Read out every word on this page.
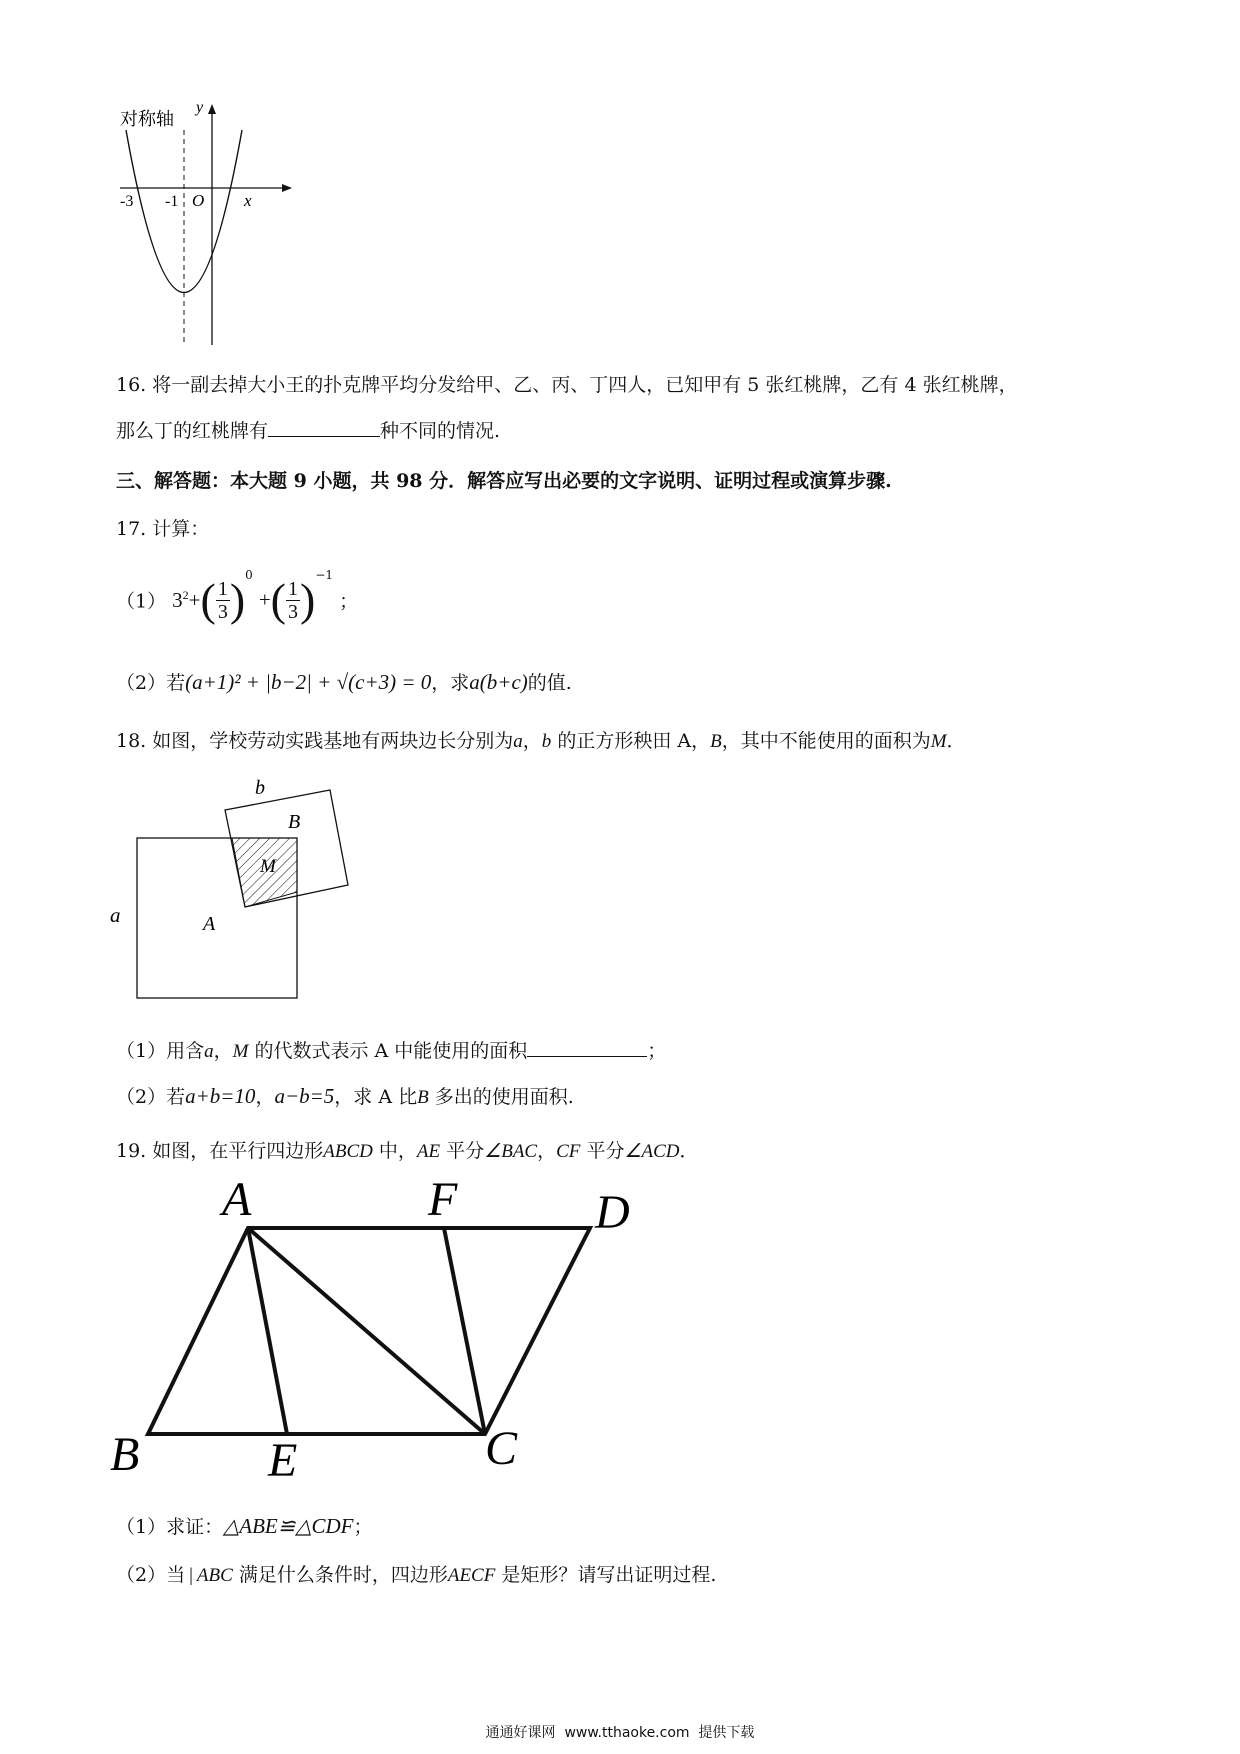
对称轴
y
x
O
-3 -1
16. 将一副去掉大小王的扑克牌平均分发给甲、乙、丙、丁四人，已知甲有 5 张红桃牌，乙有 4 张红桃牌，
那么丁的红桃牌有	种不同的情况.
三、解答题：本大题 9 小题，共 98 分．解答应写出必要的文字说明、证明过程或演算步骤.
17. 计算：
（1） $3^2+( \frac{1}{3} )^0$ +( $\frac{1}{3} )^{-1}$ ；
（2）若(a+1)² + |b−2| + √(c+3) = 0，求a(b+c)的值.
18. 如图，学校劳动实践基地有两块边长分别为a，b 的正方形秧田 A，B，其中不能使用的面积为M．
b
B
M
a	A
（1）用含a，M 的代数式表示 A 中能使用的面积	；
（2）若a+b=10，a−b=5，求 A 比B 多出的使用面积.
19. 如图，在平行四边形ABCD 中，AE 平分∠BAC，CF 平分∠ACD．
A	F	D
B	E	C
（1）求证：△ABE≌△CDF；
（2）当 | ABC 满足什么条件时，四边形AECF 是矩形？请写出证明过程.
通通好课网  www.tthaoke.com  提供下载
